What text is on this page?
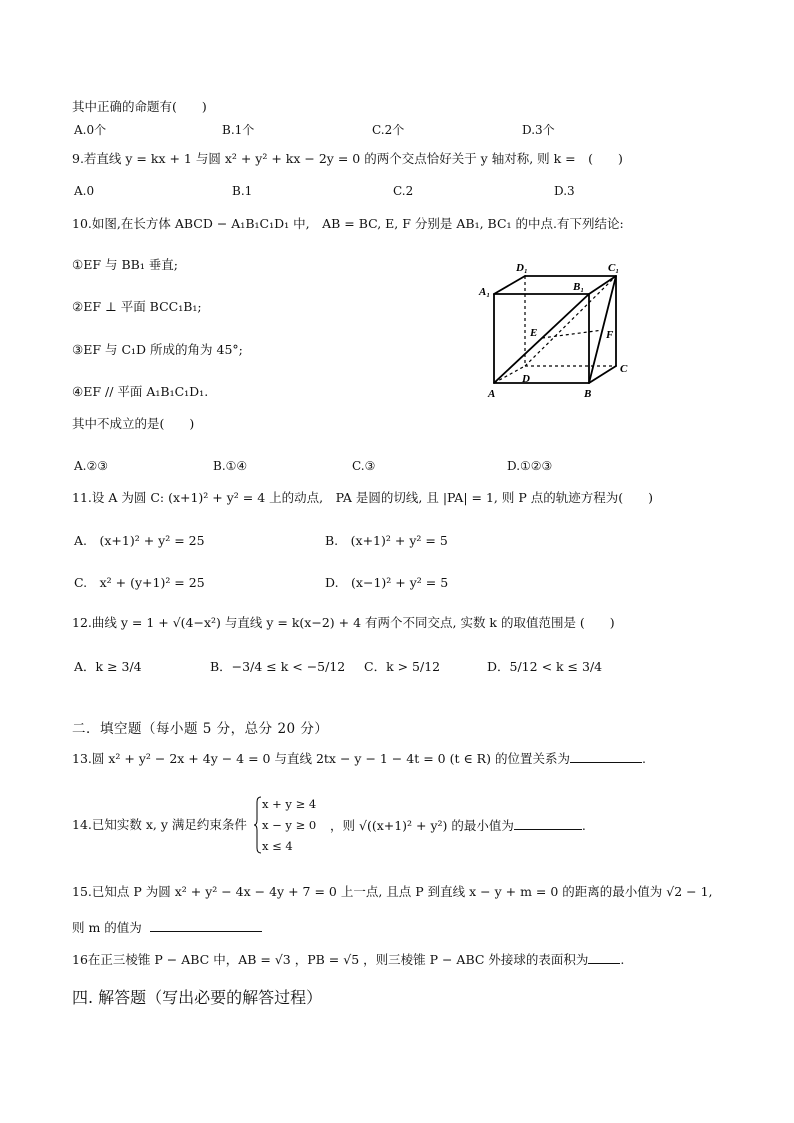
其中正确的命题有(　　)
A.0个	B.1个	C.2个	D.3个
9.若直线 y = kx + 1 与圆 x² + y² + kx − 2y = 0 的两个交点恰好关于 y 轴对称, 则 k =　(　　)
A.0	B.1	C.2	D.3
10.如图,在长方体 ABCD − A₁B₁C₁D₁ 中,　AB = BC, E, F 分别是 AB₁, BC₁ 的中点.有下列结论:
①EF 与 BB₁ 垂直;
②EF ⊥ 平面 BCC₁B₁;
③EF 与 C₁D 所成的角为 45°;
④EF // 平面 A₁B₁C₁D₁.
其中不成立的是(　　)
A.②③	B.①④	C.③	D.①②③
D₁	C₁
A₁	B₁
E	F
D
C
A	B
11.设 A 为圆 C: (x+1)² + y² = 4 上的动点,　PA 是圆的切线, 且 |PA| = 1, 则 P 点的轨迹方程为(　　)
A.　(x+1)² + y² = 25	B.　(x+1)² + y² = 5
C.　x² + (y+1)² = 25	D.　(x−1)² + y² = 5
12.曲线 y = 1 + √(4−x²) 与直线 y = k(x−2) + 4 有两个不同交点, 实数 k 的取值范围是 (　　)
A．k ≥ 3/4	B．−3/4 ≤ k < −5/12 C．k > 5/12	D．5/12 < k ≤ 3/4
二．填空题（每小题 5 分，总分 20 分）
13.圆 x² + y² − 2x + 4y − 4 = 0 与直线 2tx − y − 1 − 4t = 0 (t ∈ R) 的位置关系为	.
14.已知实数 x, y 满足约束条件
x + y ≥ 4
x − y ≥ 0
x ≤ 4
，则 √((x+1)² + y²) 的最小值为	.
15.已知点 P 为圆 x² + y² − 4x − 4y + 7 = 0 上一点, 且点 P 到直线 x − y + m = 0 的距离的最小值为 √2 − 1,
则 m 的值为
16在正三棱锥 P − ABC 中，AB = √3 ，PB = √5 ，则三棱锥 P − ABC 外接球的表面积为	.
四. 解答题（写出必要的解答过程）
